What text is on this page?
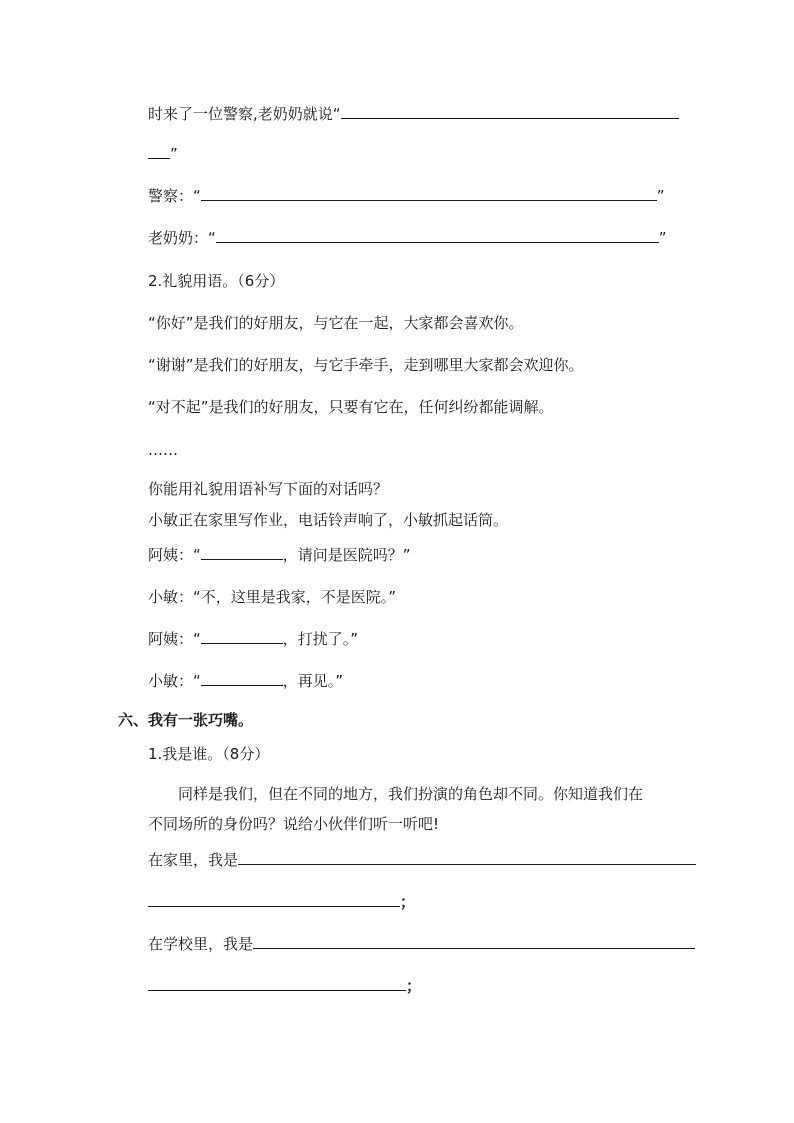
时来了一位警察,老奶奶就说“
”
警察：“	”
老奶奶：“	”
2.礼貌用语。（6分）
“你好”是我们的好朋友，与它在一起，大家都会喜欢你。
“谢谢”是我们的好朋友，与它手牵手，走到哪里大家都会欢迎你。
“对不起”是我们的好朋友，只要有它在，任何纠纷都能调解。
……
你能用礼貌用语补写下面的对话吗？
小敏正在家里写作业，电话铃声响了，小敏抓起话筒。
阿姨：“	，请问是医院吗？”
小敏：“不，这里是我家，不是医院。”
阿姨：“	，打扰了。”
小敏：“	，再见。”
六、我有一张巧嘴。
1.我是谁。（8分）
同样是我们，但在不同的地方，我们扮演的角色却不同。你知道我们在
不同场所的身份吗？说给小伙伴们听一听吧!
在家里，我是
；
在学校里，我是
；
